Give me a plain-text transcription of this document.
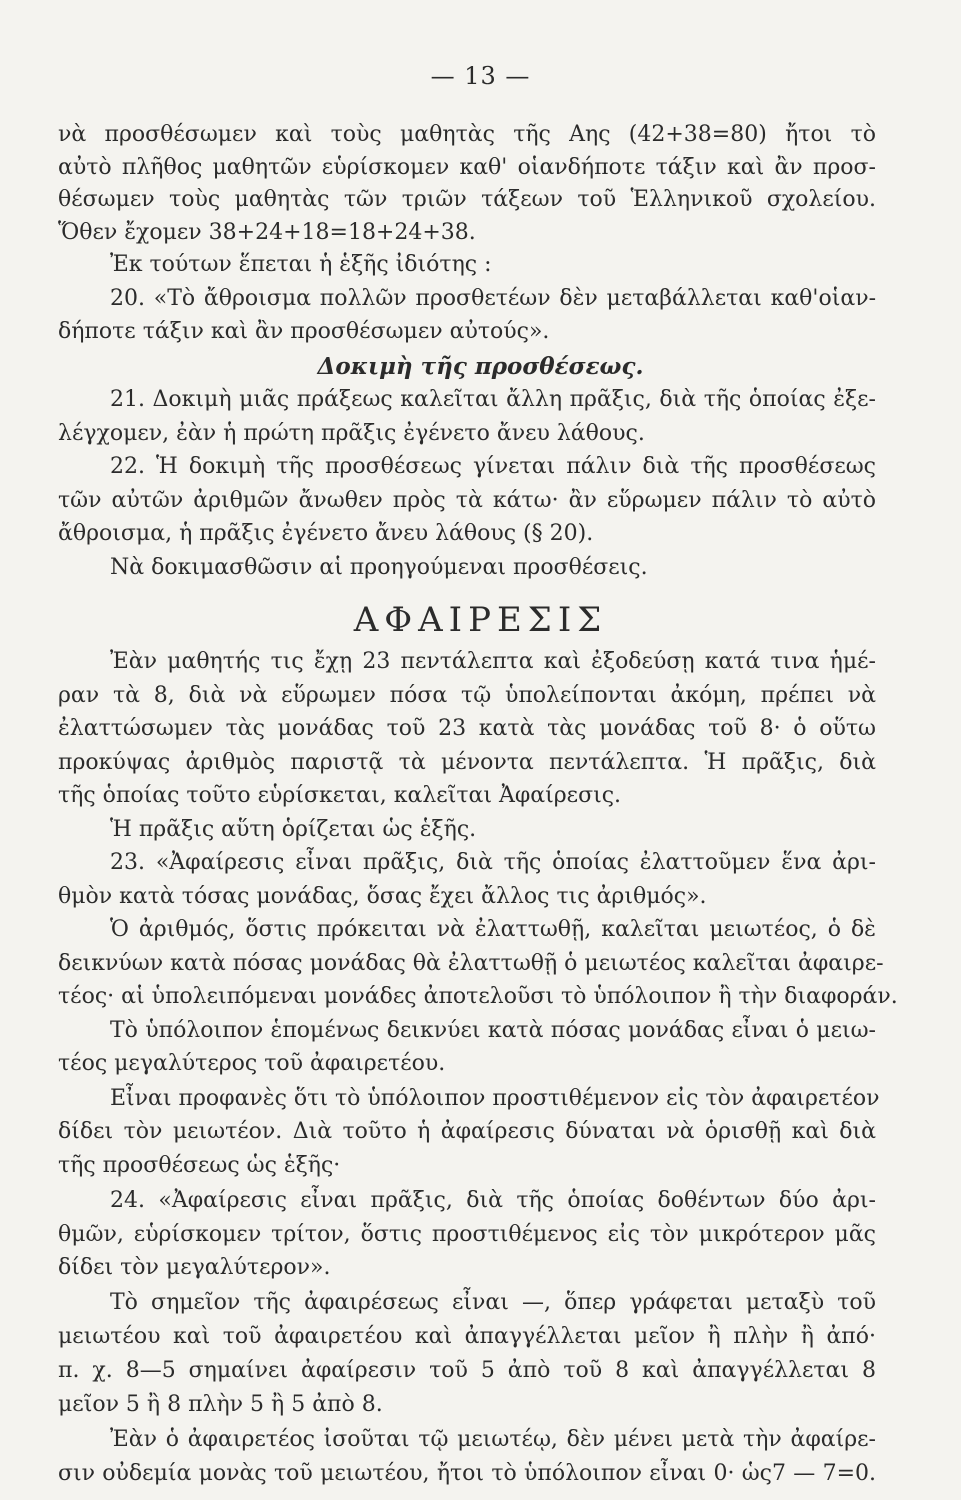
— 13 —
νὰ προσθέσωμεν καὶ τοὺς μαθητὰς τῆς Αης (42+38=80) ἤτοι τὸ
αὐτὸ πλῆθος μαθητῶν εὑρίσκομεν καθ' οἱανδήποτε τάξιν καὶ ἂν προσ-
θέσωμεν τοὺς μαθητὰς τῶν τριῶν τάξεων τοῦ Ἑλληνικοῦ σχολείου.
Ὅθεν ἔχομεν 38+24+18=18+24+38.
Ἐκ τούτων ἕπεται ἡ ἑξῆς ἰδιότης :
20. «Τὸ ἄθροισμα πολλῶν προσθετέων δὲν μεταβάλλεται καθ'οἱαν-
δήποτε τάξιν καὶ ἂν προσθέσωμεν αὐτούς».
Δοκιμὴ τῆς προσθέσεως.
21. Δοκιμὴ μιᾶς πράξεως καλεῖται ἄλλη πρᾶξις, διὰ τῆς ὁποίας ἐξε-
λέγχομεν, ἐὰν ἡ πρώτη πρᾶξις ἐγένετο ἄνευ λάθους.
22. Ἡ δοκιμὴ τῆς προσθέσεως γίνεται πάλιν διὰ τῆς προσθέσεως
τῶν αὐτῶν ἀριθμῶν ἄνωθεν πρὸς τὰ κάτω· ἂν εὕρωμεν πάλιν τὸ αὐτὸ
ἄθροισμα, ἡ πρᾶξις ἐγένετο ἄνευ λάθους (§ 20).
Νὰ δοκιμασθῶσιν αἱ προηγούμεναι προσθέσεις.
ΑΦΑΙΡΕΣΙΣ
Ἐὰν μαθητής τις ἔχῃ 23 πεντάλεπτα καὶ ἐξοδεύσῃ κατά τινα ἡμέ-
ραν τὰ 8, διὰ νὰ εὕρωμεν πόσα τῷ ὑπολείπονται ἀκόμη, πρέπει νὰ
ἐλαττώσωμεν τὰς μονάδας τοῦ 23 κατὰ τὰς μονάδας τοῦ 8· ὁ οὕτω
προκύψας ἀριθμὸς παριστᾷ τὰ μένοντα πεντάλεπτα. Ἡ πρᾶξις, διὰ
τῆς ὁποίας τοῦτο εὑρίσκεται, καλεῖται Ἀφαίρεσις.
Ἡ πρᾶξις αὕτη ὁρίζεται ὡς ἑξῆς.
23. «Ἀφαίρεσις εἶναι πρᾶξις, διὰ τῆς ὁποίας ἐλαττοῦμεν ἕνα ἀρι-
θμὸν κατὰ τόσας μονάδας, ὅσας ἔχει ἄλλος τις ἀριθμός».
Ὁ ἀριθμός, ὅστις πρόκειται νὰ ἐλαττωθῇ, καλεῖται μειωτέος, ὁ δὲ
δεικνύων κατὰ πόσας μονάδας θὰ ἐλαττωθῇ ὁ μειωτέος καλεῖται ἀφαιρε-
τέος· αἱ ὑπολειπόμεναι μονάδες ἀποτελοῦσι τὸ ὑπόλοιπον ἢ τὴν διαφοράν.
Τὸ ὑπόλοιπον ἑπομένως δεικνύει κατὰ πόσας μονάδας εἶναι ὁ μειω-
τέος μεγαλύτερος τοῦ ἀφαιρετέου.
Εἶναι προφανὲς ὅτι τὸ ὑπόλοιπον προστιθέμενον εἰς τὸν ἀφαιρετέον
δίδει τὸν μειωτέον. Διὰ τοῦτο ἡ ἀφαίρεσις δύναται νὰ ὁρισθῇ καὶ διὰ
τῆς προσθέσεως ὡς ἑξῆς·
24. «Ἀφαίρεσις εἶναι πρᾶξις, διὰ τῆς ὁποίας δοθέντων δύο ἀρι-
θμῶν, εὑρίσκομεν τρίτον, ὅστις προστιθέμενος εἰς τὸν μικρότερον μᾶς
δίδει τὸν μεγαλύτερον».
Τὸ σημεῖον τῆς ἀφαιρέσεως εἶναι —, ὅπερ γράφεται μεταξὺ τοῦ
μειωτέου καὶ τοῦ ἀφαιρετέου καὶ ἀπαγγέλλεται μεῖον ἢ πλὴν ἢ ἀπό·
π. χ. 8—5 σημαίνει ἀφαίρεσιν τοῦ 5 ἀπὸ τοῦ 8 καὶ ἀπαγγέλλεται 8
μεῖον 5 ἢ 8 πλὴν 5 ἢ 5 ἀπὸ 8.
Ἐὰν ὁ ἀφαιρετέος ἰσοῦται τῷ μειωτέῳ, δὲν μένει μετὰ τὴν ἀφαίρε-
σιν οὐδεμία μονὰς τοῦ μειωτέου, ἤτοι τὸ ὑπόλοιπον εἶναι 0· ὡς7 — 7=0.
